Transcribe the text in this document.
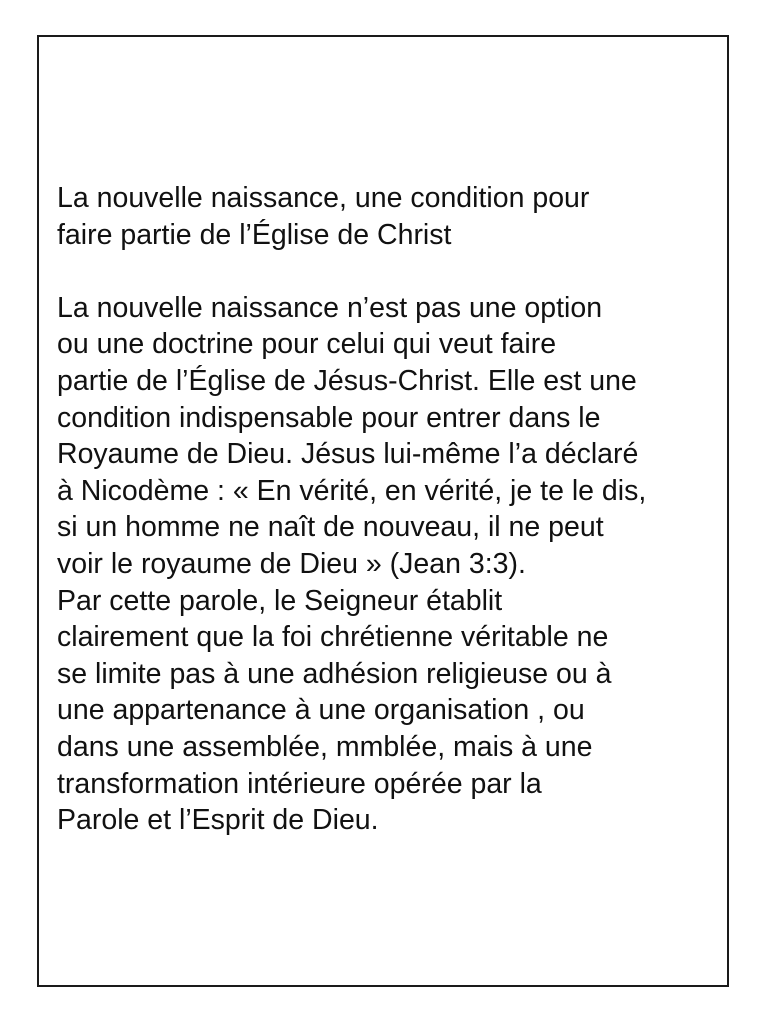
La nouvelle naissance, une condition pour
faire partie de l’Église de Christ

La nouvelle naissance n’est pas une option
ou une doctrine pour celui qui veut faire
partie de l’Église de Jésus-Christ. Elle est une
condition indispensable pour entrer dans le
Royaume de Dieu. Jésus lui-même l’a déclaré
à Nicodème : « En vérité, en vérité, je te le dis,
si un homme ne naît de nouveau, il ne peut
voir le royaume de Dieu » (Jean 3:3).

Par cette parole, le Seigneur établit
clairement que la foi chrétienne véritable ne
se limite pas à une adhésion religieuse ou à
une appartenance à une organisation , ou
dans une assemblée, mmblée, mais à une
transformation intérieure opérée par la
Parole et l’Esprit de Dieu.
